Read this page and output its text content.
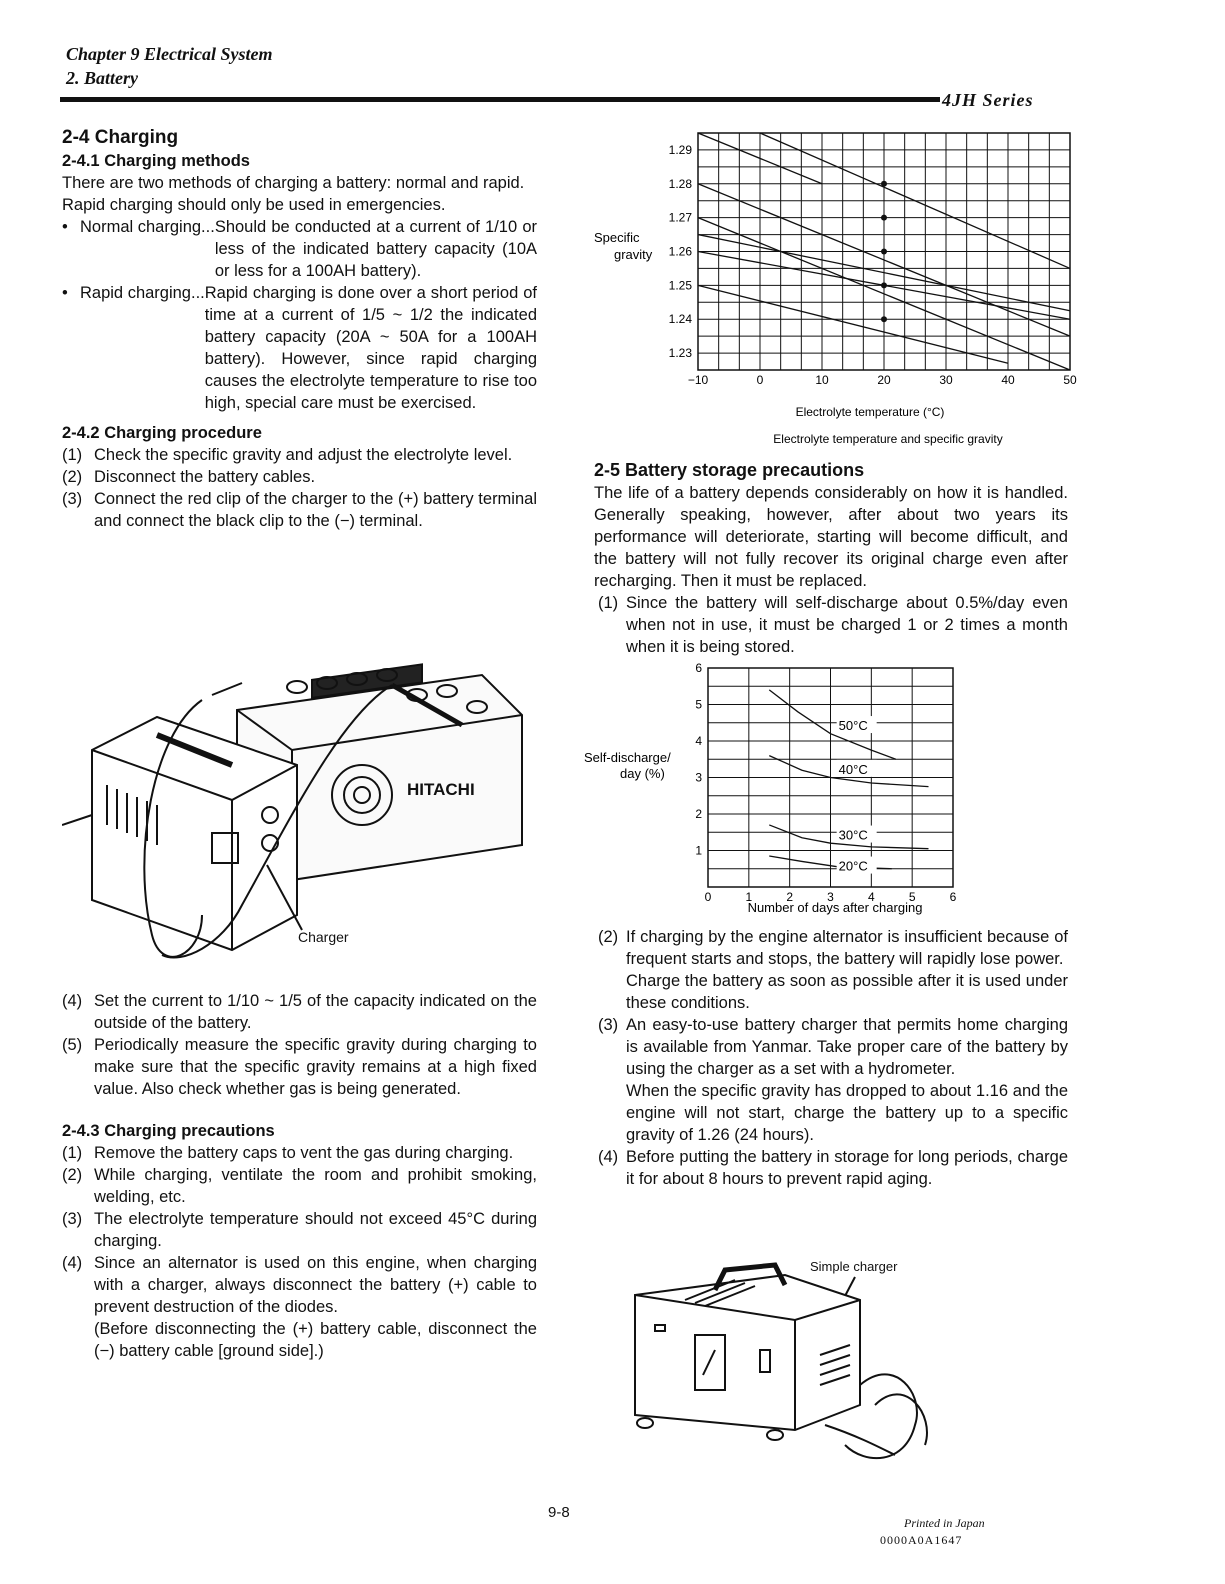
Chapter 9 Electrical System
2. Battery
4JH Series
2-4 Charging
2-4.1 Charging methods

There are two methods of charging a battery: normal and rapid.

Rapid charging should only be used in emergencies.

• Normal charging... Should be conducted at a current of 1/10 or less of the indicated battery capacity (10A or less for a 100AH battery).
• Rapid charging... Rapid charging is done over a short period of time at a current of 1/5 ~ 1/2 the indicated battery capacity (20A ~ 50A for a 100AH battery). However, since rapid charging causes the electrolyte temperature to rise too high, special care must be exercised.
2-4.2 Charging procedure
(1) Check the specific gravity and adjust the electrolyte level.
(2) Disconnect the battery cables.
(3) Connect the red clip of the charger to the (+) battery terminal and connect the black clip to the (−) terminal.
HITACHI
Charger
(4) Set the current to 1/10 ~ 1/5 of the capacity indicated on the outside of the battery.
(5) Periodically measure the specific gravity during charging to make sure that the specific gravity remains at a high fixed value. Also check whether gas is being generated.
2-4.3 Charging precautions
(1) Remove the battery caps to vent the gas during charging.
(2) While charging, ventilate the room and prohibit smoking, welding, etc.
(3) The electrolyte temperature should not exceed 45°C during charging.
(4) Since an alternator is used on this engine, when charging with a charger, always disconnect the battery (+) cable to prevent destruction of the diodes.
(Before disconnecting the (+) battery cable, disconnect the (−) battery cable [ground side].)
1.29
1.28
1.27
1.26
1.25
1.24
1.23
−10	0	10	20	30	40	50
Specific
gravity
Electrolyte temperature (°C)
Electrolyte temperature and specific gravity
2-5 Battery storage precautions

The life of a battery depends considerably on how it is handled. Generally speaking, however, after about two years its performance will deteriorate, starting will become difficult, and the battery will not fully recover its original charge even after recharging. Then it must be replaced.

(1) Since the battery will self-discharge about 0.5%/day even when not in use, it must be charged 1 or 2 times a month when it is being stored.
50°C
40°C
30°C
20°C
6
5
4
3
2
1
0	1	2	3	4	5	6
Self-discharge/
day (%)
Number of days after charging
(2) If charging by the engine alternator is insufficient because of frequent starts and stops, the battery will rapidly lose power.
Charge the battery as soon as possible after it is used under these conditions.
(3) An easy-to-use battery charger that permits home charging is available from Yanmar. Take proper care of the battery by using the charger as a set with a hydrometer.
When the specific gravity has dropped to about 1.16 and the engine will not start, charge the battery up to a specific gravity of 1.26 (24 hours).
(4) Before putting the battery in storage for long periods, charge it for about 8 hours to prevent rapid aging.
Simple charger
9-8
Printed in Japan
0000A0A1647
